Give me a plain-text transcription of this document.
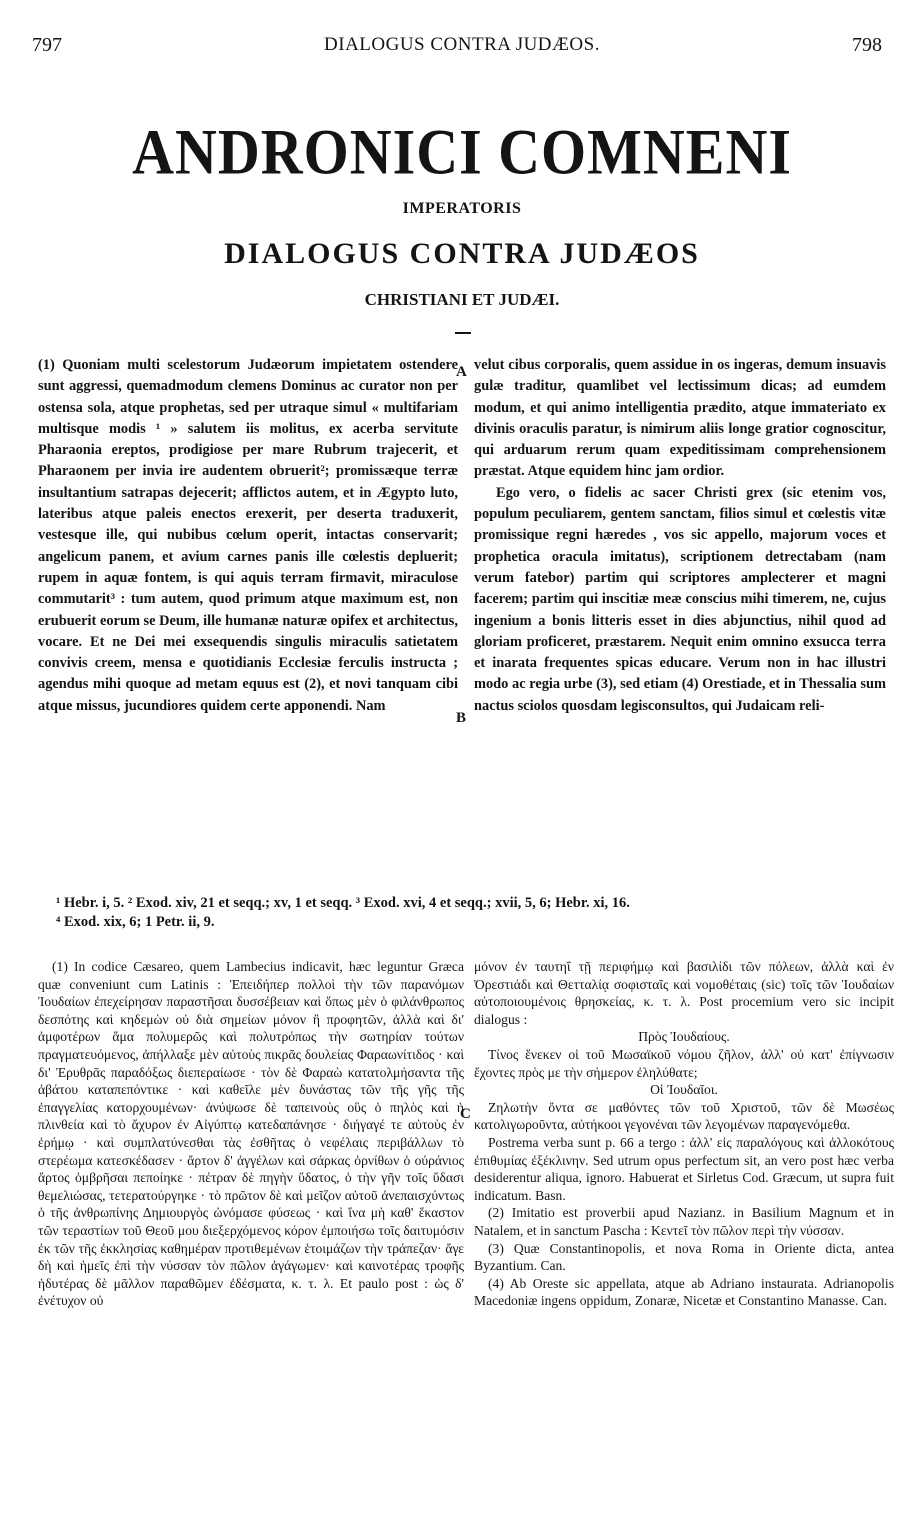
797	DIALOGUS CONTRA JUDÆOS.	798
ANDRONICI COMNENI
IMPERATORIS
DIALOGUS CONTRA JUDÆOS
CHRISTIANI ET JUDÆI.

(1) Quoniam multi scelestorum Judæorum impietatem ostendere sunt aggressi, quemadmodum clemens Dominus ac curator non per ostensa sola, atque prophetas, sed per utraque simul « multifariam multisque modis ¹ » salutem iis molitus, ex acerba servitute Pharaonia ereptos, prodigiose per mare Rubrum trajecerit, et Pharaonem per invia ire audentem obruerit²; promissæque terræ insultantium satrapas dejecerit; afflictos autem, et in Ægypto luto, lateribus atque paleis enectos erexerit, per deserta traduxerit, vestesque ille, qui nubibus cœlum operit, intactas conservarit; angelicum panem, et avium carnes panis ille cœlestis depluerit; rupem in aquæ fontem, is qui aquis terram firmavit, miraculose commutarit³ : tum autem, quod primum atque maximum est, non erubuerit eorum se Deum, ille humanæ naturæ opifex et architectus, vocare. Et ne Dei mei exsequendis singulis miraculis satietatem convivis creem, mensa e quotidianis Ecclesiæ ferculis instructa ; agendus mihi quoque ad metam equus est (2), et novi tanquam cibi atque missus, jucundiores quidem certe apponendi. Nam

A
B
C

velut cibus corporalis, quem assidue in os ingeras, demum insuavis gulæ traditur, quamlibet vel lectissimum dicas; ad eumdem modum, et qui animo intelligentia prædito, atque immateriato ex divinis oraculis paratur, is nimirum aliis longe gratior cognoscitur, qui arduarum rerum quam expeditissimam comprehensionem præstat. Atque equidem hinc jam ordior.

Ego vero, o fidelis ac sacer Christi grex (sic etenim vos, populum peculiarem, gentem sanctam, filios simul et cœlestis vitæ promissique regni hæredes , vos sic appello, majorum voces et prophetica oracula imitatus), scriptionem detrectabam (nam verum fatebor) partim qui scriptores amplecterer et magni facerem; partim qui inscitiæ meæ conscius mihi timerem, ne, cujus ingenium a bonis litteris esset in dies abjunctius, nihil quod ad gloriam proficeret, præstarem. Nequit enim omnino exsucca terra et inarata frequentes spicas educare. Verum non in hac illustri modo ac regia urbe (3), sed etiam (4) Orestiade, et in Thessalia sum nactus sciolos quosdam legisconsultos, qui Judaicam reli-

¹ Hebr. i, 5. ² Exod. xiv, 21 et seqq.; xv, 1 et seqq. ³ Exod. xvi, 4 et seqq.; xvii, 5, 6; Hebr. xi, 16.
⁴ Exod. xix, 6; 1 Petr. ii, 9.

(1) In codice Cæsareo, quem Lambecius indicavit, hæc leguntur Græca quæ conveniunt cum Latinis : Ἐπειδήπερ πολλοὶ τὴν τῶν παρανόμων Ἰουδαίων ἐπεχείρησαν παραστῆσαι δυσσέβειαν καὶ ὅπως μὲν ὁ φιλάνθρωπος δεσπότης καὶ κηδεμὼν οὐ διὰ σημείων μόνον ἢ προφητῶν, ἀλλὰ καὶ δι' ἀμφοτέρων ἅμα πολυμερῶς καὶ πολυτρόπως τὴν σωτηρίαν τούτων πραγματευόμενος, ἀπήλλαξε μὲν αὐτοὺς πικρᾶς δουλείας Φαραωνίτιδος · καὶ δι' Ἐρυθρᾶς παραδόξως διεπεραίωσε · τὸν δὲ Φαραὼ κατατολμήσαντα τῆς ἀβάτου καταπεπόντικε · καὶ καθεῖλε μὲν δυνάστας τῶν τῆς γῆς τῆς ἐπαγγελίας κατορχουμένων· ἀνύψωσε δὲ ταπεινοὺς οὓς ὁ πηλὸς καὶ ἡ πλινθεία καὶ τὸ ἄχυρον ἐν Αἰγύπτῳ κατεδαπάνησε · διήγαγέ τε αὐτοὺς ἐν ἐρήμῳ · καὶ συμπλατύνεσθαι τὰς ἐσθῆτας ὁ νεφέλαις περιβάλλων τὸ στερέωμα κατεσκέδασεν · ἄρτον δ' ἀγγέλων καὶ σάρκας ὀρνίθων ὁ οὐράνιος ἄρτος ὀμβρῆσαι πεποίηκε · πέτραν δὲ πηγὴν ὕδατος, ὁ τὴν γῆν τοῖς ὕδασι θεμελιώσας, τετερατούργηκε · τὸ πρῶτον δὲ καὶ μεῖζον αὐτοῦ ἀνεπαισχύντως ὁ τῆς ἀνθρωπίνης Δημιουργὸς ὠνόμασε φύσεως · καὶ ἵνα μὴ καθ' ἕκαστον τῶν τεραστίων τοῦ Θεοῦ μου διεξερχόμενος κόρον ἐμποιήσω τοῖς δαιτυμόσιν ἐκ τῶν τῆς ἐκκλησίας καθημέραν προτιθεμένων ἑτοιμάζων τὴν τράπεζαν· ἄγε δὴ καὶ ἡμεῖς ἐπὶ τὴν νύσσαν τὸν πῶλον ἀγάγωμεν· καὶ καινοτέρας τροφῆς ἡδυτέρας δὲ μᾶλλον παραθῶμεν ἐδέσματα, κ. τ. λ. Et paulo post : ὡς δ' ἐνέτυχον οὐ

μόνον ἐν ταυτηΐ τῇ περιφήμῳ καὶ βασιλίδι τῶν πόλεων, ἀλλὰ καὶ ἐν Ὀρεστιάδι καὶ Θετταλίᾳ σοφισταῖς καὶ νομοθέταις (sic) τοῖς τῶν Ἰουδαίων αὐτοποιουμένοις θρησκείας, κ. τ. λ. Post procemium vero sic incipit dialogus :

Πρὸς Ἰουδαίους.

Τίνος ἕνεκεν οἱ τοῦ Μωσαϊκοῦ νόμου ζῆλον, ἀλλ' οὐ κατ' ἐπίγνωσιν ἔχοντες πρὸς με τὴν σήμερον ἐληλύθατε;

Οἱ Ἰουδαῖοι.

Ζηλωτὴν ὄντα σε μαθόντες τῶν τοῦ Χριστοῦ, τῶν δὲ Μωσέως κατολιγωροῦντα, αὐτήκοοι γεγονέναι τῶν λεγομένων παραγενόμεθα.

Postrema verba sunt p. 66 a tergo : ἀλλ' εἰς παραλόγους καὶ ἀλλοκότους ἐπιθυμίας ἐξέκλινην. Sed utrum opus perfectum sit, an vero post hæc verba desiderentur aliqua, ignoro. Habuerat et Sirletus Cod. Græcum, ut supra fuit indicatum. Basn.

(2) Imitatio est proverbii apud Nazianz. in Basilium Magnum et in Natalem, et in sanctum Pascha : Κεντεῖ τὸν πῶλον περὶ τὴν νύσσαν.

(3) Quæ Constantinopolis, et nova Roma in Oriente dicta, antea Byzantium. Can.

(4) Ab Oreste sic appellata, atque ab Adriano instaurata. Adrianopolis Macedoniæ ingens oppidum, Zonaræ, Nicetæ et Constantino Manasse. Can.
